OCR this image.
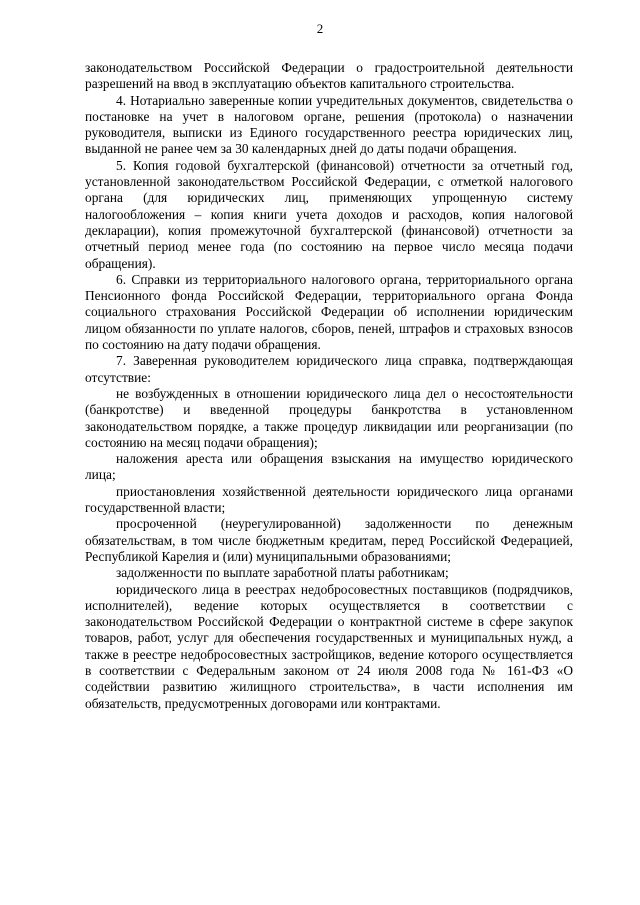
2

законодательством Российской Федерации о градостроительной деятельности разрешений на ввод в эксплуатацию объектов капитального строительства.

4. Нотариально заверенные копии учредительных документов, свидетельства о постановке на учет в налоговом органе, решения (протокола) о назначении руководителя, выписки из Единого государственного реестра юридических лиц, выданной не ранее чем за 30 календарных дней до даты подачи обращения.

5. Копия годовой бухгалтерской (финансовой) отчетности за отчетный год, установленной законодательством Российской Федерации, с отметкой налогового органа (для юридических лиц, применяющих упрощенную систему налогообложения – копия книги учета доходов и расходов, копия налоговой декларации), копия промежуточной бухгалтерской (финансовой) отчетности за отчетный период менее года (по состоянию на первое число месяца подачи обращения).

6. Справки из территориального налогового органа, территориального органа Пенсионного фонда Российской Федерации, территориального органа Фонда социального страхования Российской Федерации об исполнении юридическим лицом обязанности по уплате налогов, сборов, пеней, штрафов и страховых взносов по состоянию на дату подачи обращения.

7. Заверенная руководителем юридического лица справка, подтверждающая отсутствие:

не возбужденных в отношении юридического лица дел о несостоятельности (банкротстве) и введенной процедуры банкротства в установленном законодательством порядке, а также процедур ликвидации или реорганизации (по состоянию на месяц подачи обращения);

наложения ареста или обращения взыскания на имущество юридического лица;

приостановления хозяйственной деятельности юридического лица органами государственной власти;

просроченной (неурегулированной) задолженности по денежным обязательствам, в том числе бюджетным кредитам, перед Российской Федерацией, Республикой Карелия и (или) муниципальными образованиями;

задолженности по выплате заработной платы работникам;

юридического лица в реестрах недобросовестных поставщиков (подрядчиков, исполнителей), ведение которых осуществляется в соответствии с законодательством Российской Федерации о контрактной системе в сфере закупок товаров, работ, услуг для обеспечения государственных и муниципальных нужд, а также в реестре недобросовестных застройщиков, ведение которого осуществляется в соответствии с Федеральным законом от 24 июля 2008 года № 161-ФЗ «О содействии развитию жилищного строительства», в части исполнения им обязательств, предусмотренных договорами или контрактами.
